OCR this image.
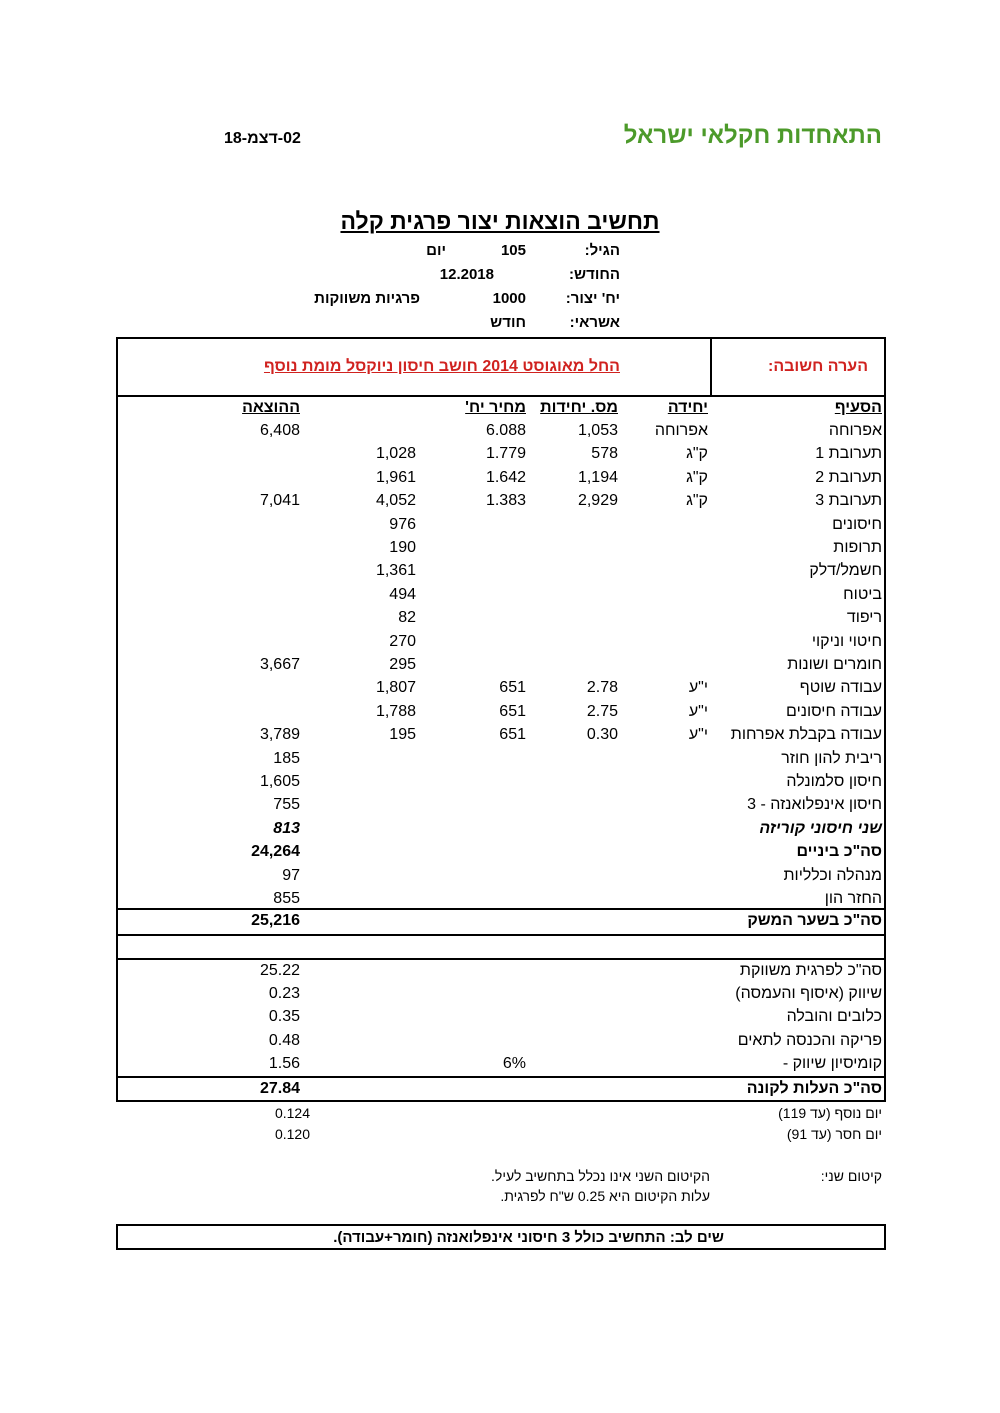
התאחדות חקלאי ישראל
02-דצמ-18
תחשיב הוצאות יצור פרגית קלה
הגיל:
105
יום
החודש:
12.2018
יח' יצור:
1000
פרגיות משווקות
אשראי:
חודש
הערה חשובה:
החל מאוגוסט 2014 חושב חיסון ניוקסל מומת נוסף
הסעיף
יחידה
מס. יחידות
מחיר יח'
ההוצאה
אפרוחה
אפרוחה
1,053
6.088
6,408
תערובת 1
ק"ג
578
1.779
1,028
תערובת 2
ק"ג
1,194
1.642
1,961
תערובת 3
ק"ג
2,929
1.383
4,052
7,041
חיסונים
976
תרופות
190
חשמל/דלק
1,361
ביטוח
494
ריפוד
82
חיטוי וניקוי
270
חומרים ושונות
295
3,667
עבודה שוטף
י"ע
2.78
651
1,807
עבודה חיסונים
י"ע
2.75
651
1,788
עבודה בקבלת אפרחות
י"ע
0.30
651
195
3,789
ריבית להון חוזר
185
חיסון סלמונלה
1,605
חיסון אינפלואנזה - 3
755
שני חיסוני קוריזה
813
סה"כ ביניים
24,264
מנהלה וכלליות
97
החזר הון
855
סה"כ בשער המשק
25,216
סה"כ לפרגית משווקת
25.22
שיווק (איסוף והעמסה)
0.23
כלובים והובלה
0.35
פריקה והכנסה לתאים
0.48
קומיסיון שיווק -
6%
1.56
סה"כ העלות לקונה
27.84
יום נוסף (עד 119)
0.124
יום חסר (עד 91)
0.120
קיטום שני:
הקיטום השני אינו נכלל בתחשיב לעיל.
עלות הקיטום היא 0.25 ש"ח לפרגית.
שים לב: התחשיב כולל 3 חיסוני אינפלואנזה (חומר+עבודה).
